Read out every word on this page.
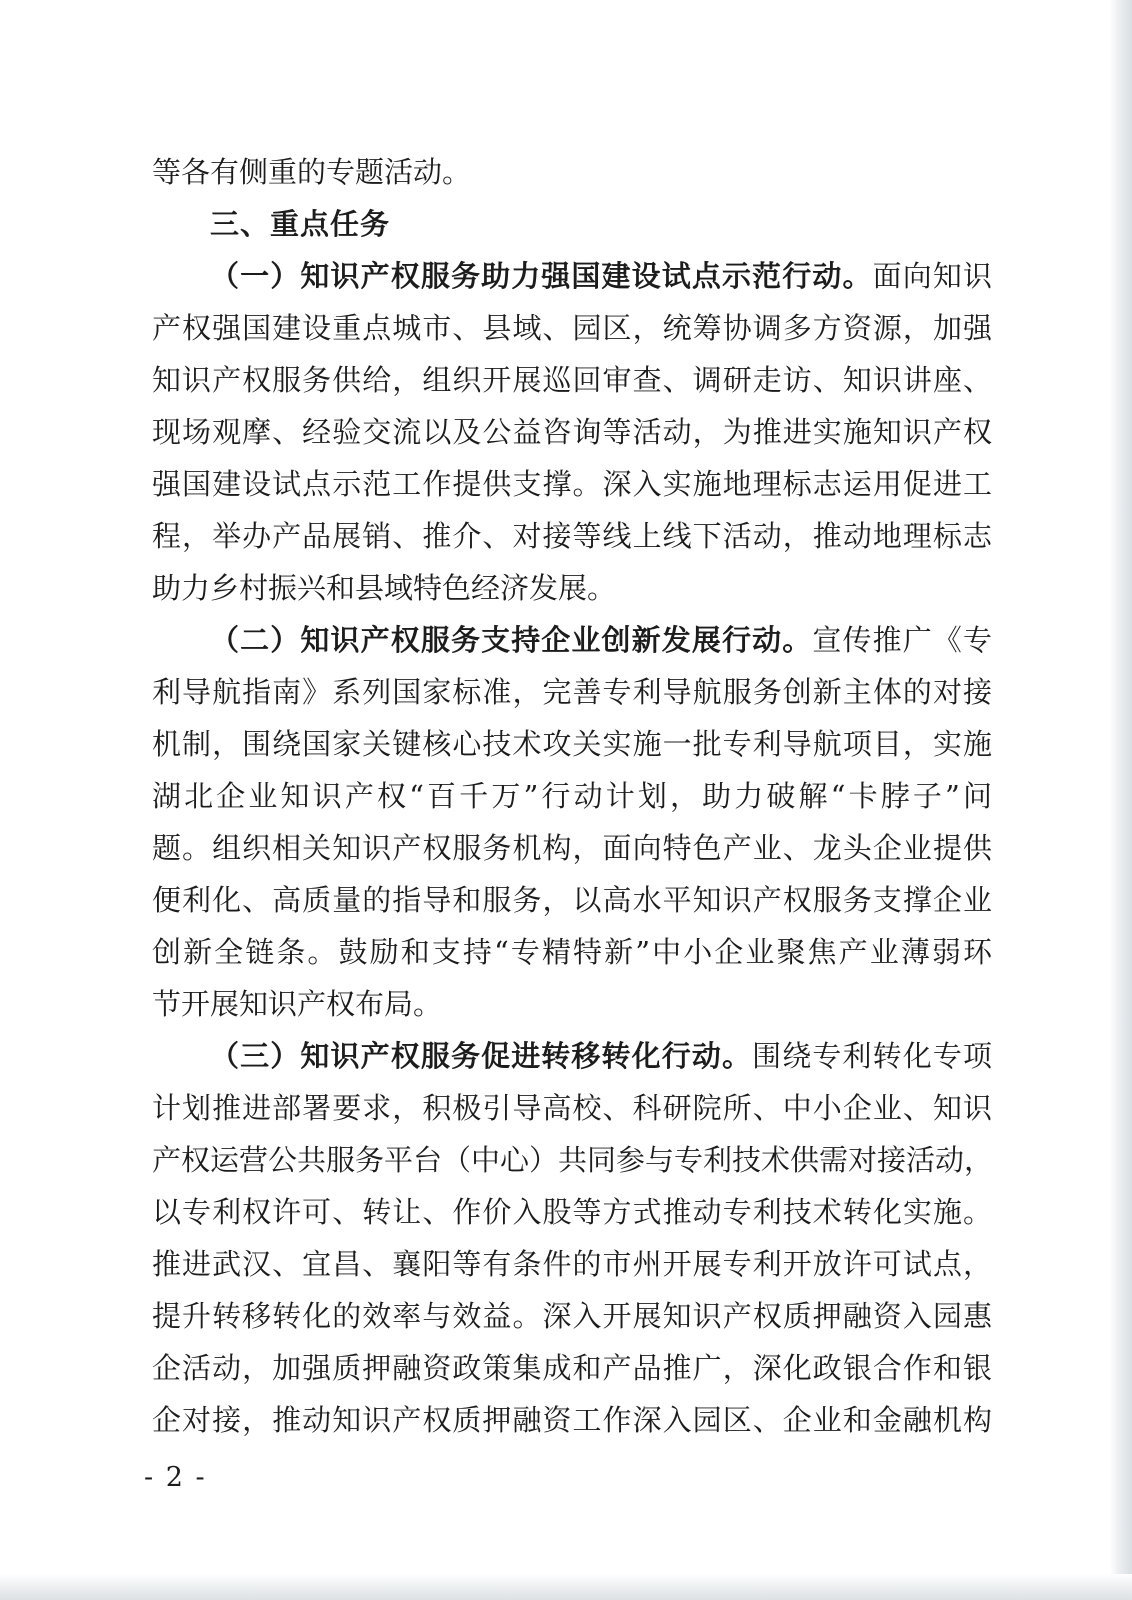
等各有侧重的专题活动。
三、重点任务
（一）知识产权服务助力强国建设试点示范行动。面向知识
产权强国建设重点城市、县域、园区，统筹协调多方资源，加强
知识产权服务供给，组织开展巡回审查、调研走访、知识讲座、
现场观摩、经验交流以及公益咨询等活动，为推进实施知识产权
强国建设试点示范工作提供支撑。深入实施地理标志运用促进工
程，举办产品展销、推介、对接等线上线下活动，推动地理标志
助力乡村振兴和县域特色经济发展。
（二）知识产权服务支持企业创新发展行动。宣传推广《专
利导航指南》系列国家标准，完善专利导航服务创新主体的对接
机制，围绕国家关键核心技术攻关实施一批专利导航项目，实施
湖北企业知识产权“百千万”行动计划，助力破解“卡脖子”问
题。组织相关知识产权服务机构，面向特色产业、龙头企业提供
便利化、高质量的指导和服务，以高水平知识产权服务支撑企业
创新全链条。鼓励和支持“专精特新”中小企业聚焦产业薄弱环
节开展知识产权布局。
（三）知识产权服务促进转移转化行动。围绕专利转化专项
计划推进部署要求，积极引导高校、科研院所、中小企业、知识
产权运营公共服务平台（中心）共同参与专利技术供需对接活动，
以专利权许可、转让、作价入股等方式推动专利技术转化实施。
推进武汉、宜昌、襄阳等有条件的市州开展专利开放许可试点，
提升转移转化的效率与效益。深入开展知识产权质押融资入园惠
企活动，加强质押融资政策集成和产品推广，深化政银合作和银
企对接，推动知识产权质押融资工作深入园区、企业和金融机构
- 2 -
